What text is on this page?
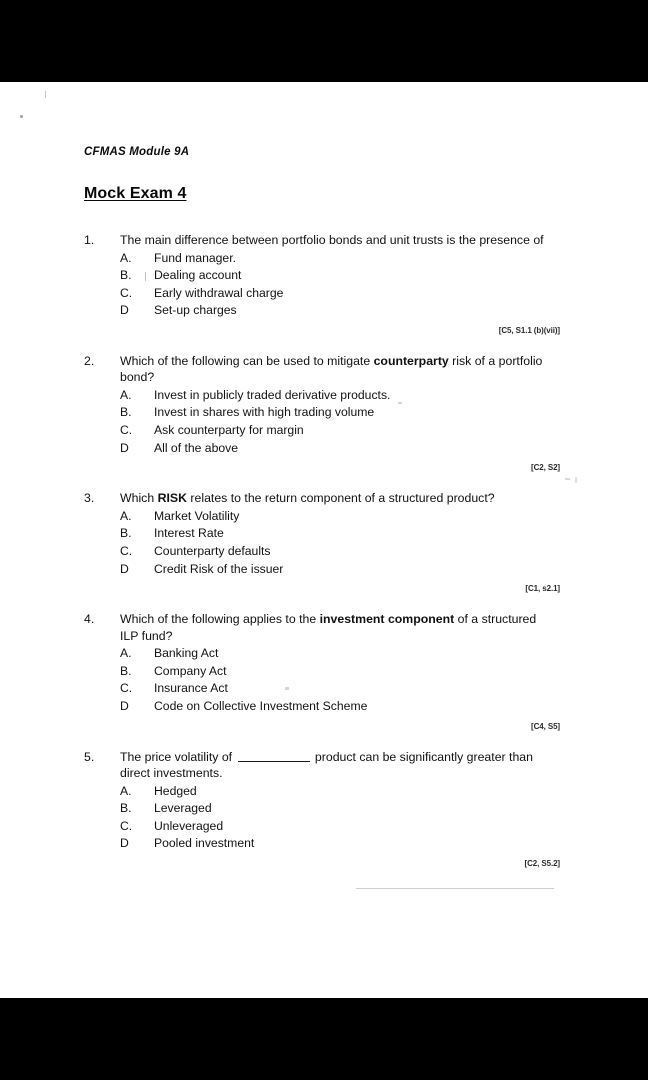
CFMAS Module 9A
Mock Exam 4
1.	The main difference between portfolio bonds and unit trusts is the presence of
A.	Fund manager.
B.	Dealing account
C.	Early withdrawal charge
D	Set-up charges
[C5, S1.1 (b)(vii)]
2.	Which of the following can be used to mitigate counterparty risk of a portfolio bond?
A.	Invest in publicly traded derivative products.
B.	Invest in shares with high trading volume
C.	Ask counterparty for margin
D	All of the above
[C2, S2]
3.	Which RISK relates to the return component of a structured product?
A.	Market Volatility
B.	Interest Rate
C.	Counterparty defaults
D	Credit Risk of the issuer
[C1, s2.1]
4.	Which of the following applies to the investment component of a structured ILP fund?
A.	Banking Act
B.	Company Act
C.	Insurance Act
D	Code on Collective Investment Scheme
[C4, S5]
5.	The price volatility of	product can be significantly greater than direct investments.
A.	Hedged
B.	Leveraged
C.	Unleveraged
D	Pooled investment
[C2, S5.2]
